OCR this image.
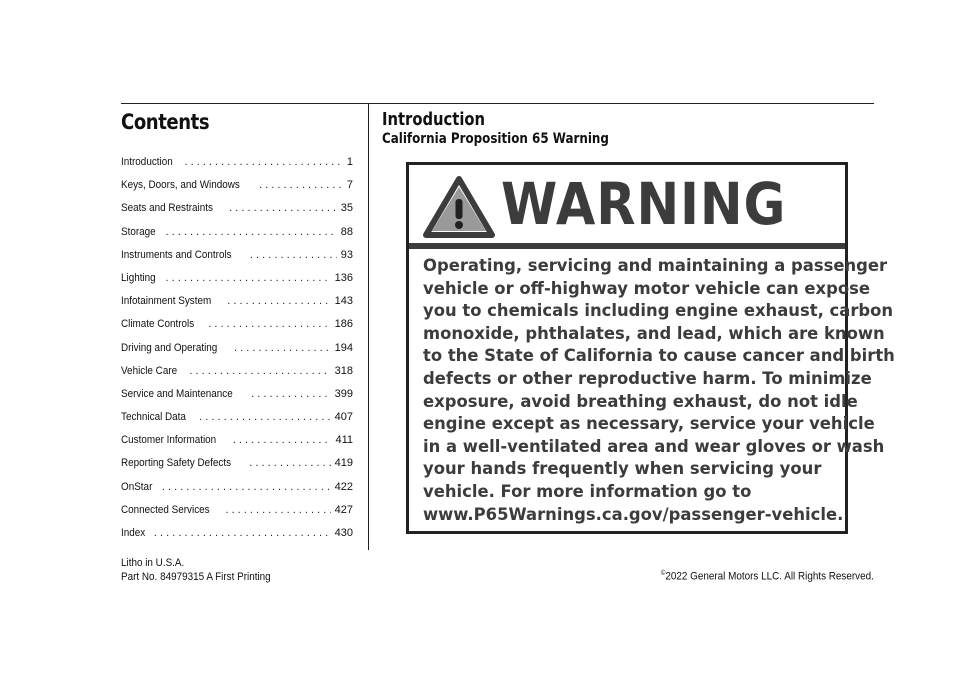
Contents
Introduction . . .	1
Keys, Doors, and Windows . . .	7
Seats and Restraints . . .	35
Storage . . .	88
Instruments and Controls . . .	93
Lighting . . .	136
Infotainment System . . .	143
Climate Controls . . .	186
Driving and Operating . . .	194
Vehicle Care . . .	318
Service and Maintenance . . .	399
Technical Data . . .	407
Customer Information . . .	411
Reporting Safety Defects . . .	419
OnStar . . .	422
Connected Services . . .	427
Index . . .	430
Litho in U.S.A.
Part No. 84979315 A First Printing
Introduction
California Proposition 65 Warning
WARNING

Operating, servicing and maintaining a passenger
vehicle or off-highway motor vehicle can expose
you to chemicals including engine exhaust, carbon
monoxide, phthalates, and lead, which are known
to the State of California to cause cancer and birth
defects or other reproductive harm. To minimize
exposure, avoid breathing exhaust, do not idle
engine except as necessary, service your vehicle
in a well-ventilated area and wear gloves or wash
your hands frequently when servicing your
vehicle. For more information go to
www.P65Warnings.ca.gov/passenger-vehicle.

©2022 General Motors LLC. All Rights Reserved.
